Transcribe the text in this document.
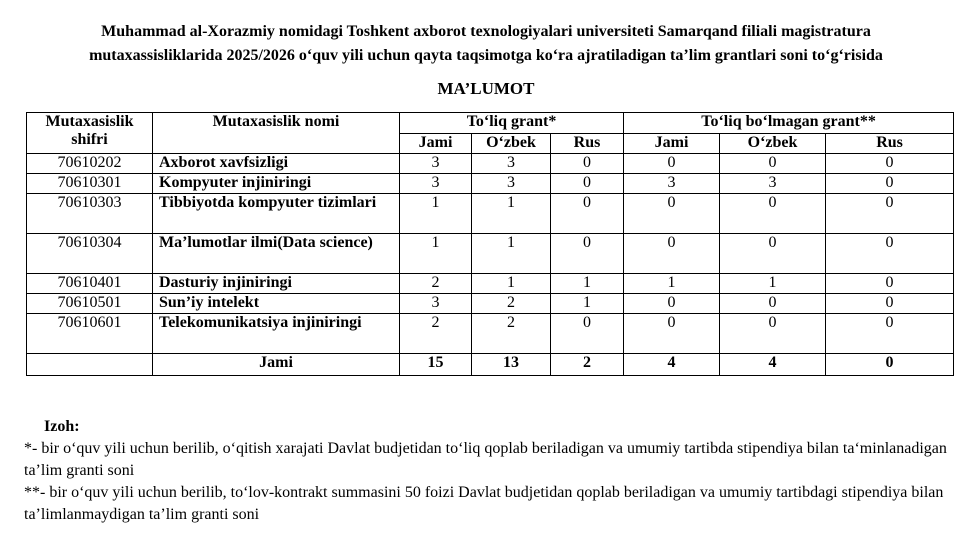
Muhammad al-Xorazmiy nomidagi Toshkent axborot texnologiyalari universiteti Samarqand filiali magistratura

mutaxassisliklarida 2025/2026 o‘quv yili uchun qayta taqsimotga ko‘ra ajratiladigan ta’lim grantlari soni to‘g‘risida

MA’LUMOT

Mutaxasislik shifri	Mutaxasislik nomi	To‘liq grant*			To‘liq bo‘lmagan grant**		
		Jami	O‘zbek	Rus	Jami	O‘zbek	Rus
70610202	Axborot xavfsizligi	3	3	0	0	0	0
70610301	Kompyuter injiniringi	3	3	0	3	3	0
70610303	Tibbiyotda kompyuter tizimlari	1	1	0	0	0	0
70610304	Ma’lumotlar ilmi(Data science)	1	1	0	0	0	0
70610401	Dasturiy injiniringi	2	1	1	1	1	0
70610501	Sun’iy intelekt	3	2	1	0	0	0
70610601	Telekomunikatsiya injiniringi	2	2	0	0	0	0
	Jami	15	13	2	4	4	0

Izoh:

*- bir o‘quv yili uchun berilib, o‘qitish xarajati Davlat budjetidan to‘liq qoplab beriladigan va umumiy tartibda stipendiya bilan ta‘minlanadigan ta’lim granti soni

**- bir o‘quv yili uchun berilib, to‘lov-kontrakt summasini 50 foizi Davlat budjetidan qoplab beriladigan va umumiy tartibdagi stipendiya bilan ta’limlanmaydigan ta’lim granti soni
